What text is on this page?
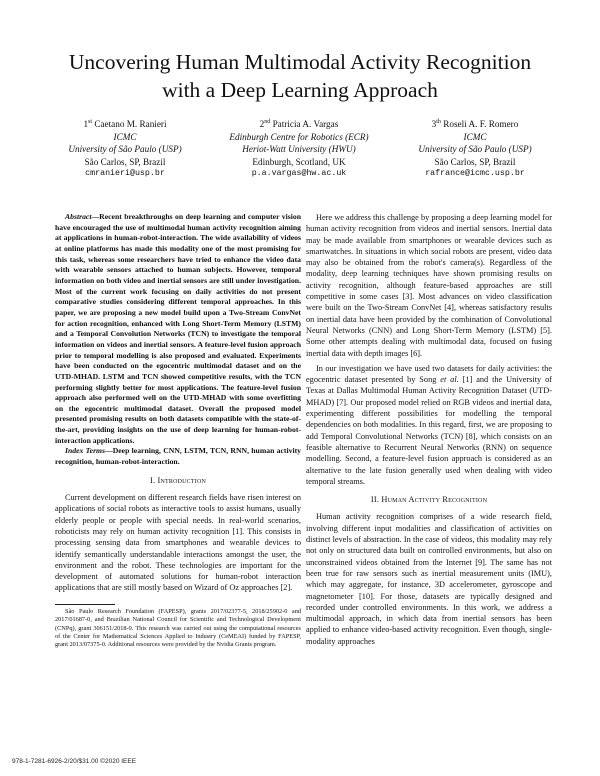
Uncovering Human Multimodal Activity Recognition with a Deep Learning Approach
1st Caetano M. Ranieri
ICMC
University of São Paulo (USP)
São Carlos, SP, Brazil
cmranieri@usp.br
2nd Patricia A. Vargas
Edinburgh Centre for Robotics (ECR)
Heriot-Watt University (HWU)
Edinburgh, Scotland, UK
p.a.vargas@hw.ac.uk
3th Roseli A. F. Romero
ICMC
University of São Paulo (USP)
São Carlos, SP, Brazil
rafrance@icmc.usp.br

Abstract—Recent breakthroughs on deep learning and computer vision have encouraged the use of multimodal human activity recognition aiming at applications in human-robot-interaction. The wide availability of videos at online platforms has made this modality one of the most promising for this task, whereas some researchers have tried to enhance the video data with wearable sensors attached to human subjects. However, temporal information on both video and inertial sensors are still under investigation. Most of the current work focusing on daily activities do not present comparative studies considering different temporal approaches. In this paper, we are proposing a new model build upon a Two-Stream ConvNet for action recognition, enhanced with Long Short-Term Memory (LSTM) and a Temporal Convolution Networks (TCN) to investigate the temporal information on videos and inertial sensors. A feature-level fusion approach prior to temporal modelling is also proposed and evaluated. Experiments have been conducted on the egocentric multimodal dataset and on the UTD-MHAD. LSTM and TCN showed competitive results, with the TCN performing slightly better for most applications. The feature-level fusion approach also performed well on the UTD-MHAD with some overfitting on the egocentric multimodal dataset. Overall the proposed model presented promising results on both datasets compatible with the state-of-the-art, providing insights on the use of deep learning for human-robot-interaction applications.

Index Terms—Deep learning, CNN, LSTM, TCN, RNN, human activity recognition, human-robot-interaction.

I. Introduction

Current development on different research fields have risen interest on applications of social robots as interactive tools to assist humans, usually elderly people or people with special needs. In real-world scenarios, roboticists may rely on human activity recognition [1]. This consists in processing sensing data from smartphones and wearable devices to identify semantically understandable interactions amongst the user, the environment and the robot. These technologies are important for the development of automated solutions for human-robot interaction applications that are still mostly based on Wizard of Oz approaches [2].

São Paulo Research Foundation (FAPESP), grants 2017/02377-5, 2018/25902-0 and 2017/01687-0, and Brazilian National Council for Scientific and Technological Development (CNPq), grant 306151/2018-9. This research was carried out using the computational resources of the Center for Mathematical Sciences Applied to Industry (CeMEAI) funded by FAPESP, grant 2013/07375-0. Additional resources were provided by the Nvidia Grants program.

Here we address this challenge by proposing a deep learning model for human activity recognition from videos and inertial sensors. Inertial data may be made available from smartphones or wearable devices such as smartwatches. In situations in which social robots are present, video data may also be obtained from the robot's camera(s). Regardless of the modality, deep learning techniques have shown promising results on activity recognition, although feature-based approaches are still competitive in some cases [3]. Most advances on video classification were built on the Two-Stream ConvNet [4], whereas satisfactory results on inertial data have been provided by the combination of Convolutional Neural Networks (CNN) and Long Short-Term Memory (LSTM) [5]. Some other attempts dealing with multimodal data, focused on fusing inertial data with depth images [6].

In our investigation we have used two datasets for daily activities: the egocentric dataset presented by Song et al. [1] and the University of Texas at Dallas Multimodal Human Activity Recognition Dataset (UTD-MHAD) [7]. Our proposed model relied on RGB videos and inertial data, experimenting different possibilities for modelling the temporal dependencies on both modalities. In this regard, first, we are proposing to add Temporal Convolutional Networks (TCN) [8], which consists on an feasible alternative to Recurrent Neural Networks (RNN) on sequence modelling. Second, a feature-level fusion approach is considered as an alternative to the late fusion generally used when dealing with video temporal streams.

II. Human Activity Recognition

Human activity recognition comprises of a wide research field, involving different input modalities and classification of activities on distinct levels of abstraction. In the case of videos, this modality may rely not only on structured data built on controlled environments, but also on unconstrained videos obtained from the Internet [9]. The same has not been true for raw sensors such as inertial measurement units (IMU), which may aggregate, for instance, 3D accelerometer, gyroscope and magnetometer [10]. For those, datasets are typically designed and recorded under controlled environments. In this work, we address a multimodal approach, in which data from inertial sensors has been applied to enhance video-based activity recognition. Even though, single-modality approaches

978-1-7281-6926-2/20/$31.00 ©2020 IEEE
